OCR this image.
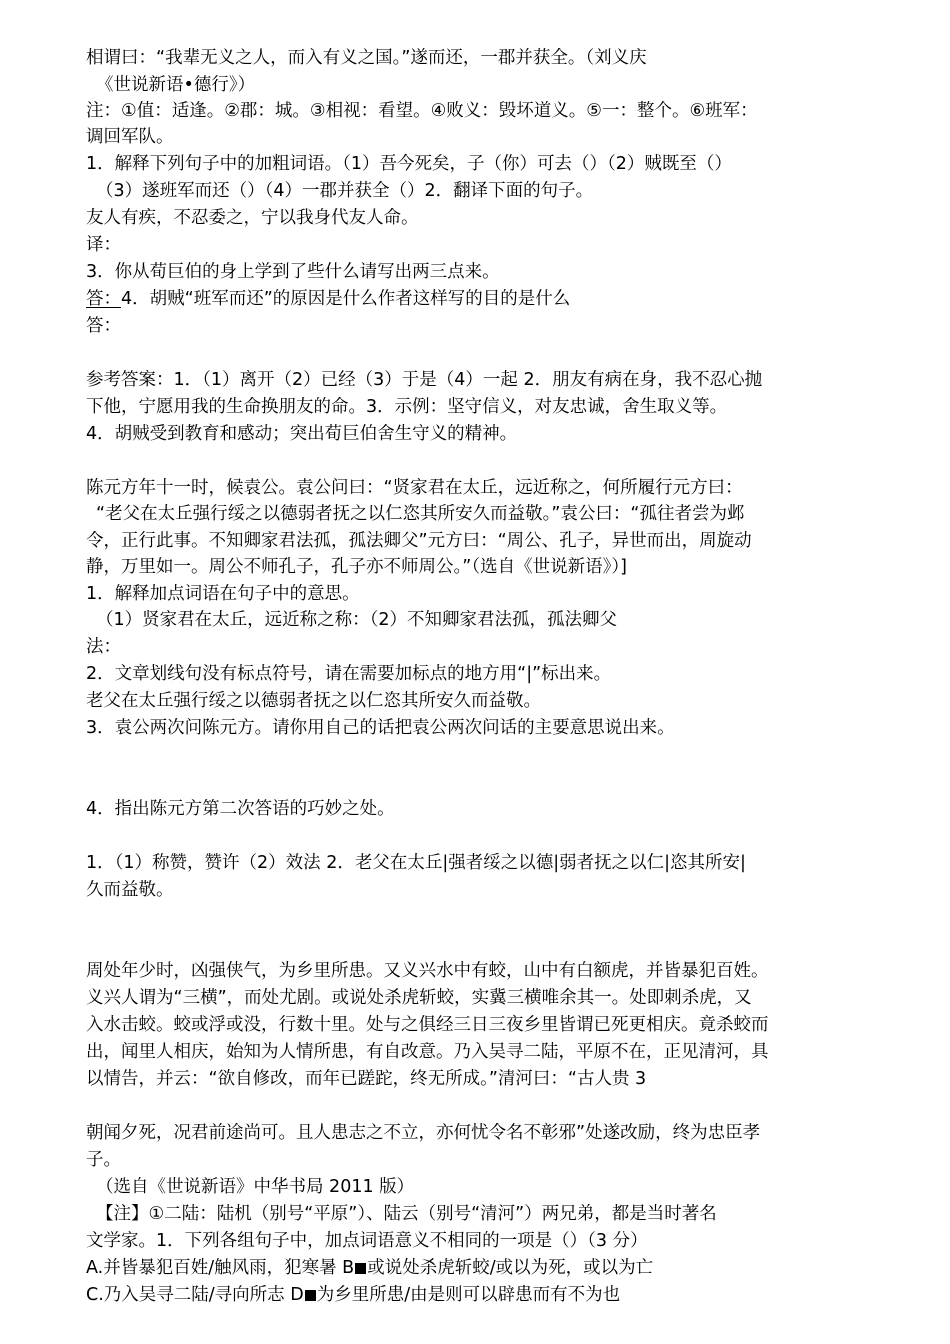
相谓曰：“我辈无义之人，而入有义之国。”遂而还，一郡并获全。（刘义庆
《世说新语•德行》）
注：①值：适逢。②郡：城。③相视：看望。④败义：毁坏道义。⑤一：整个。⑥班军：
调回军队。
1．解释下列句子中的加粗词语。（1）吾今死矣，子（你）可去（）（2）贼既至（）
（3）遂班军而还（）（4）一郡并获全（）2．翻译下面的句子。
友人有疾，不忍委之，宁以我身代友人命。
译：
3．你从荀巨伯的身上学到了些什么请写出两三点来。
答：4．胡贼“班军而还”的原因是什么作者这样写的目的是什么
答：
参考答案：1．（1）离开（2）已经（3）于是（4）一起 2．朋友有病在身，我不忍心抛
下他，宁愿用我的生命换朋友的命。3．示例：坚守信义，对友忠诚，舍生取义等。
4．胡贼受到教育和感动；突出荀巨伯舍生守义的精神。
陈元方年十一时，候袁公。袁公问曰：“贤家君在太丘，远近称之，何所履行元方曰：
“老父在太丘强行绥之以德弱者抚之以仁恣其所安久而益敬。”袁公曰：“孤往者尝为邺
令，正行此事。不知卿家君法孤，孤法卿父”元方曰：“周公、孔子，异世而出，周旋动
静，万里如一。周公不师孔子，孔子亦不师周公。”（选自《世说新语》）]
1．解释加点词语在句子中的意思。
（1）贤家君在太丘，远近称之称：（2）不知卿家君法孤，孤法卿父
法：
2．文章划线句没有标点符号，请在需要加标点的地方用“|”标出来。
老父在太丘强行绥之以德弱者抚之以仁恣其所安久而益敬。
3．袁公两次问陈元方。请你用自己的话把袁公两次问话的主要意思说出来。
4．指出陈元方第二次答语的巧妙之处。
1．（1）称赞，赞许（2）效法 2．老父在太丘|强者绥之以德|弱者抚之以仁|恣其所安|
久而益敬。
周处年少时，凶强侠气，为乡里所患。又义兴水中有蛟，山中有白额虎，并皆暴犯百姓。
义兴人谓为“三横”，而处尤剧。或说处杀虎斩蛟，实冀三横唯余其一。处即刺杀虎，又
入水击蛟。蛟或浮或没，行数十里。处与之俱经三日三夜乡里皆谓已死更相庆。竟杀蛟而
出，闻里人相庆，始知为人情所患，有自改意。乃入吴寻二陆，平原不在，正见清河，具
以情告，并云：“欲自修改，而年已蹉跎，终无所成。”清河曰：“古人贵 3
朝闻夕死，况君前途尚可。且人患志之不立，亦何忧令名不彰邪”处遂改励，终为忠臣孝
子。
（选自《世说新语》中华书局 2011 版）
【注】①二陆：陆机（别号“平原”）、陆云（别号“清河”）两兄弟，都是当时著名
文学家。1．下列各组句子中，加点词语意义不相同的一项是（）（3 分）
A.并皆暴犯百姓/触风雨，犯寒暑 B 或说处杀虎斩蛟/或以为死，或以为亡
C.乃入吴寻二陆/寻向所志 D 为乡里所患/由是则可以辟患而有不为也
